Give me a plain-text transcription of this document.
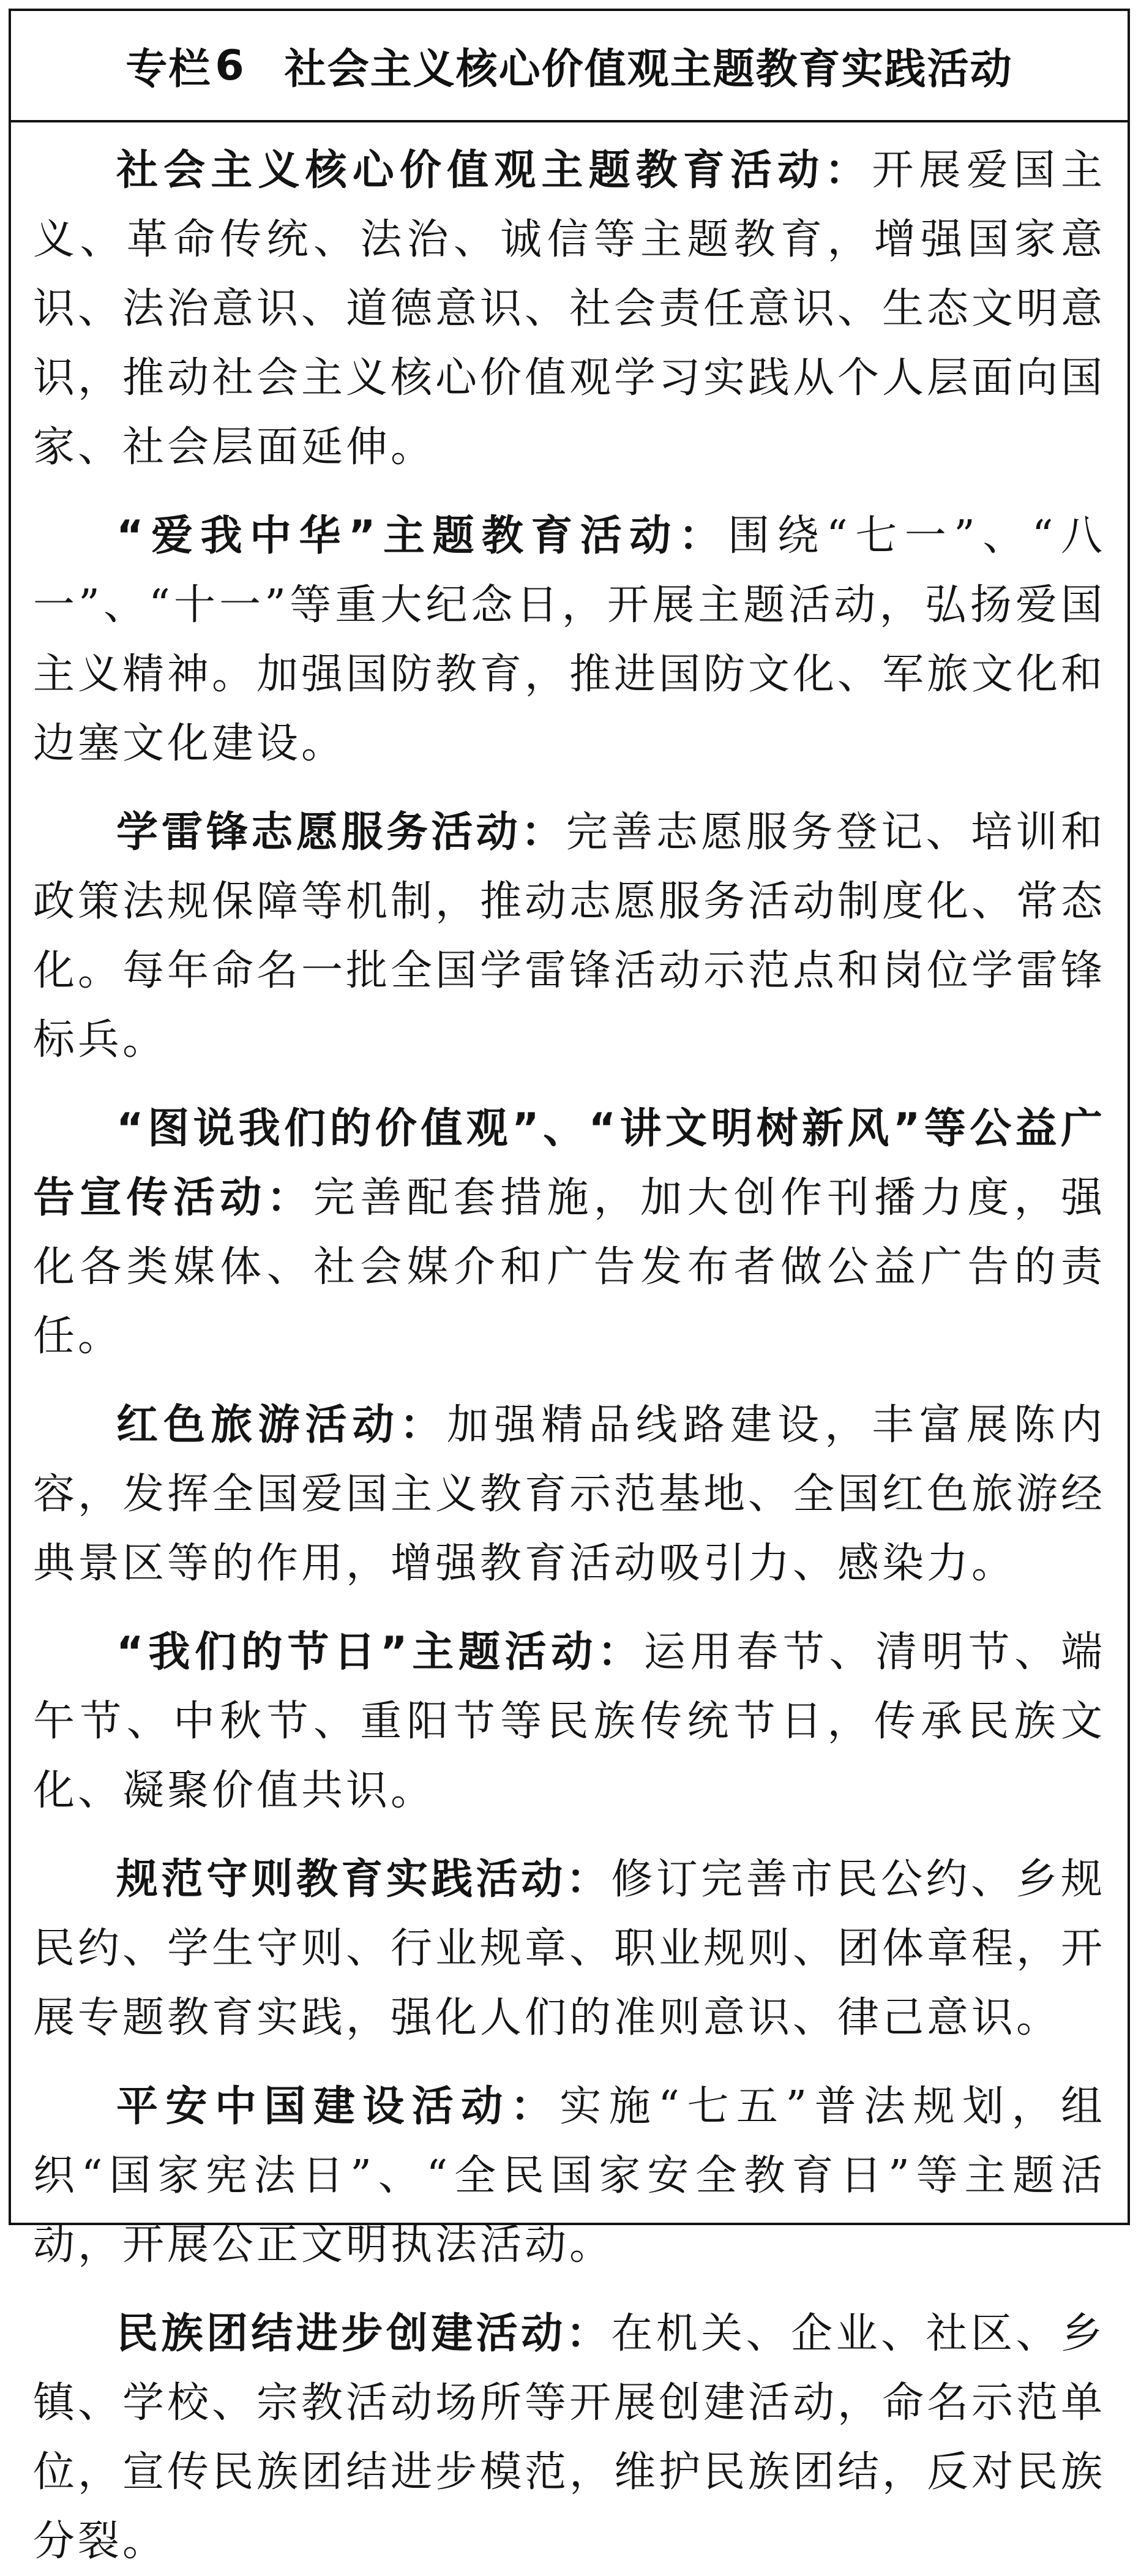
专栏 6 社会主义核心价值观主题教育实践活动

社会主义核心价值观主题教育活动：开展爱国主义、革命传统、法治、诚信等主题教育，增强国家意识、法治意识、道德意识、社会责任意识、生态文明意识，推动社会主义核心价值观学习实践从个人层面向国家、社会层面延伸。

“爱我中华”主题教育活动：围绕“七一”、“八一”、“十一”等重大纪念日，开展主题活动，弘扬爱国主义精神。加强国防教育，推进国防文化、军旅文化和边塞文化建设。

学雷锋志愿服务活动：完善志愿服务登记、培训和政策法规保障等机制，推动志愿服务活动制度化、常态化。每年命名一批全国学雷锋活动示范点和岗位学雷锋标兵。

“图说我们的价值观”、“讲文明树新风”等公益广告宣传活动：完善配套措施，加大创作刊播力度，强化各类媒体、社会媒介和广告发布者做公益广告的责任。

红色旅游活动：加强精品线路建设，丰富展陈内容，发挥全国爱国主义教育示范基地、全国红色旅游经典景区等的作用，增强教育活动吸引力、感染力。

“我们的节日”主题活动：运用春节、清明节、端午节、中秋节、重阳节等民族传统节日，传承民族文化、凝聚价值共识。

规范守则教育实践活动：修订完善市民公约、乡规民约、学生守则、行业规章、职业规则、团体章程，开展专题教育实践，强化人们的准则意识、律己意识。

平安中国建设活动：实施“七五”普法规划，组织“国家宪法日”、“全民国家安全教育日”等主题活动，开展公正文明执法活动。

民族团结进步创建活动：在机关、企业、社区、乡镇、学校、宗教活动场所等开展创建活动，命名示范单位，宣传民族团结进步模范，维护民族团结，反对民族分裂。
